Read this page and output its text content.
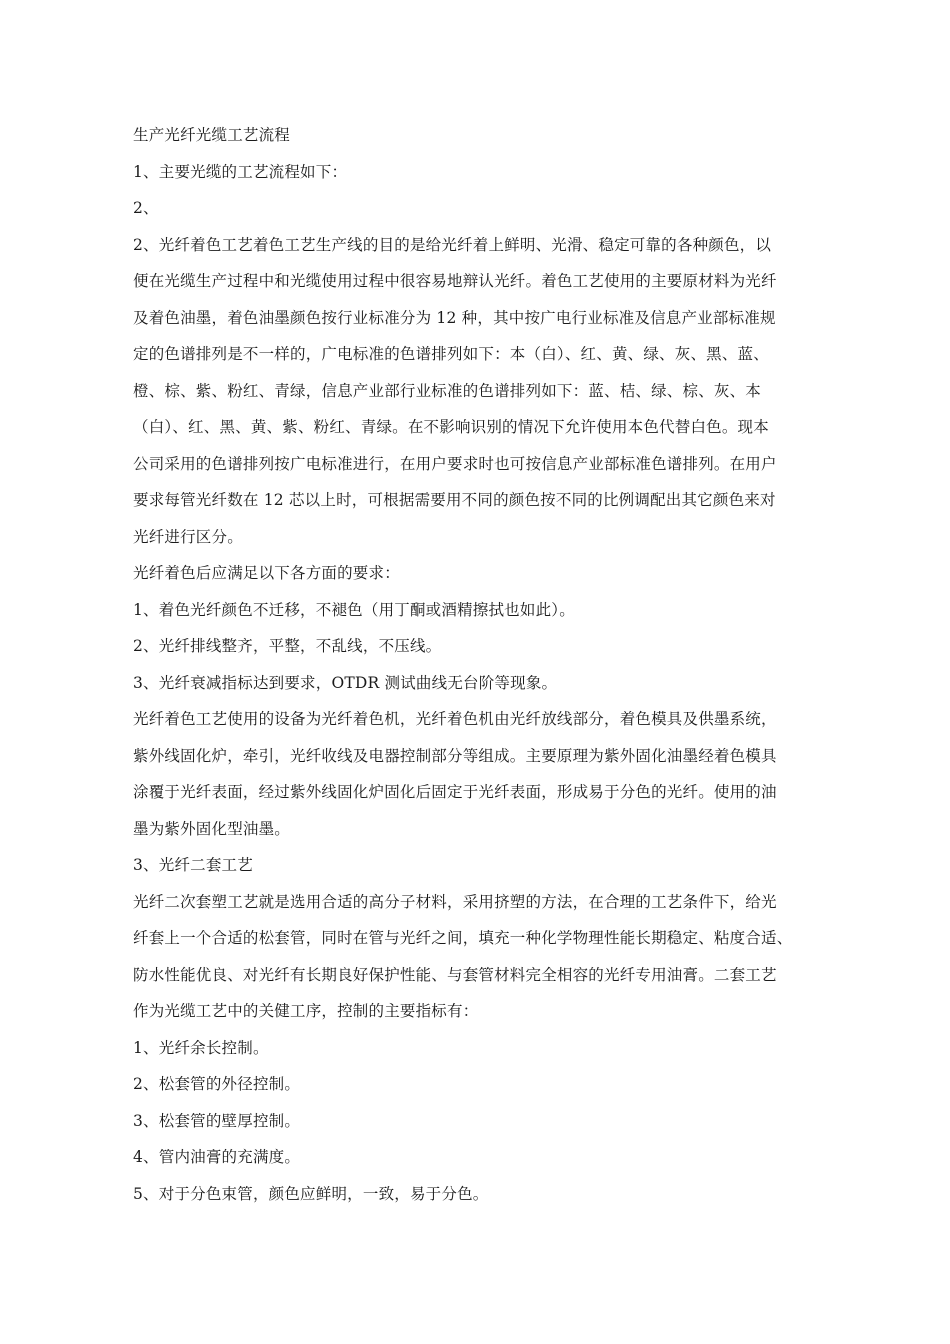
生产光纤光缆工艺流程
1、主要光缆的工艺流程如下：
2、
2、光纤着色工艺着色工艺生产线的目的是给光纤着上鲜明、光滑、稳定可靠的各种颜色，以
便在光缆生产过程中和光缆使用过程中很容易地辩认光纤。着色工艺使用的主要原材料为光纤
及着色油墨，着色油墨颜色按行业标准分为 12 种，其中按广电行业标准及信息产业部标准规
定的色谱排列是不一样的，广电标准的色谱排列如下：本（白）、红、黄、绿、灰、黑、蓝、
橙、棕、紫、粉红、青绿，信息产业部行业标准的色谱排列如下：蓝、桔、绿、棕、灰、本
（白）、红、黑、黄、紫、粉红、青绿。在不影响识别的情况下允许使用本色代替白色。现本
公司采用的色谱排列按广电标准进行，在用户要求时也可按信息产业部标准色谱排列。在用户
要求每管光纤数在 12 芯以上时，可根据需要用不同的颜色按不同的比例调配出其它颜色来对
光纤进行区分。
光纤着色后应满足以下各方面的要求：
1、着色光纤颜色不迁移，不褪色（用丁酮或酒精擦拭也如此）。
2、光纤排线整齐，平整，不乱线，不压线。
3、光纤衰减指标达到要求，OTDR 测试曲线无台阶等现象。
光纤着色工艺使用的设备为光纤着色机，光纤着色机由光纤放线部分，着色模具及供墨系统，
紫外线固化炉，牵引，光纤收线及电器控制部分等组成。主要原理为紫外固化油墨经着色模具
涂覆于光纤表面，经过紫外线固化炉固化后固定于光纤表面，形成易于分色的光纤。使用的油
墨为紫外固化型油墨。
3、光纤二套工艺
光纤二次套塑工艺就是选用合适的高分子材料，采用挤塑的方法，在合理的工艺条件下，给光
纤套上一个合适的松套管，同时在管与光纤之间，填充一种化学物理性能长期稳定、粘度合适、
防水性能优良、对光纤有长期良好保护性能、与套管材料完全相容的光纤专用油膏。二套工艺
作为光缆工艺中的关健工序，控制的主要指标有：
1、光纤余长控制。
2、松套管的外径控制。
3、松套管的壁厚控制。
4、管内油膏的充满度。
5、对于分色束管，颜色应鲜明，一致，易于分色。
